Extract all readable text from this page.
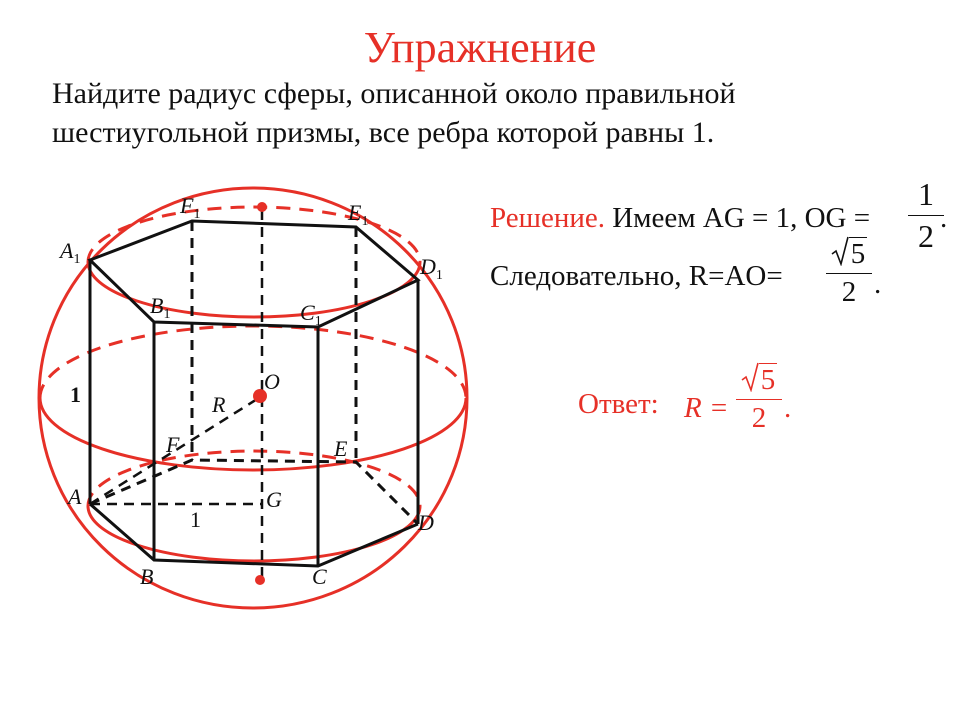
Упражнение
Найдите радиус сферы, описанной около правильной
шестиугольной призмы, все ребра которой равны 1.
$A_1$
$F_1$	$E_1$
$D_1$
$B_1$	$C_1$
O
R
F	E
A	G
D
B	C
1
1
Решение. Имеем AG = 1, OG =
1
2 .
Следовательно, R=AO=
5
2 .
Ответ: R =
5
2 .
